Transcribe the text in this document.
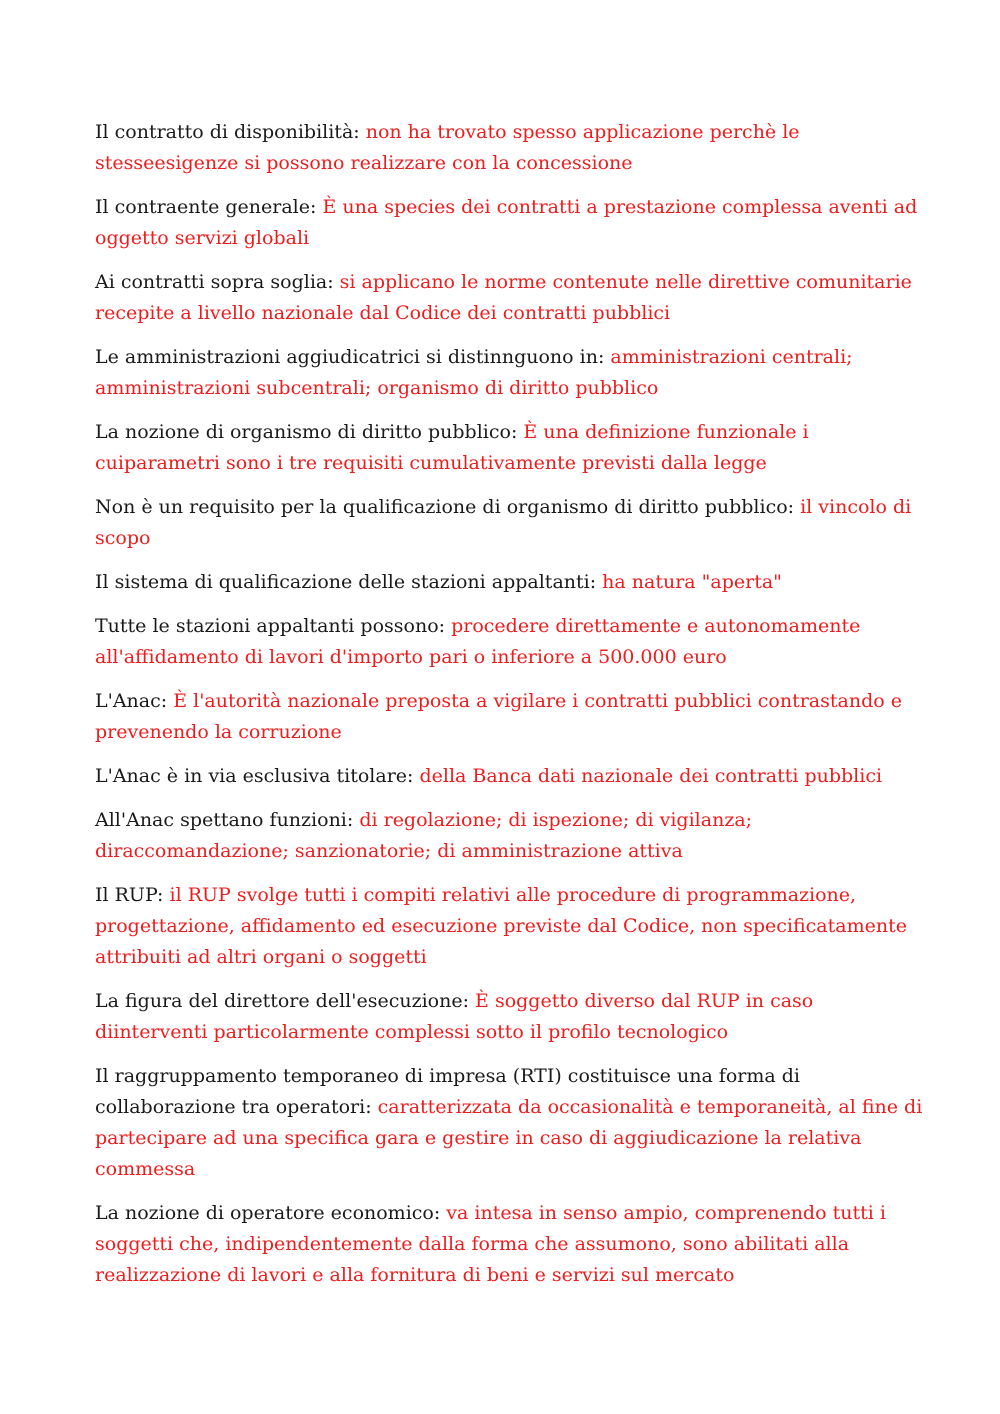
Il contratto di disponibilità: non ha trovato spesso applicazione perchè le stesseesigenze si possono realizzare con la concessione

Il contraente generale: È una species dei contratti a prestazione complessa aventi ad oggetto servizi globali

Ai contratti sopra soglia: si applicano le norme contenute nelle direttive comunitarie recepite a livello nazionale dal Codice dei contratti pubblici

Le amministrazioni aggiudicatrici si distinnguono in: amministrazioni centrali; amministrazioni subcentrali; organismo di diritto pubblico

La nozione di organismo di diritto pubblico: È una definizione funzionale i cuiparametri sono i tre requisiti cumulativamente previsti dalla legge

Non è un requisito per la qualificazione di organismo di diritto pubblico: il vincolo di scopo

Il sistema di qualificazione delle stazioni appaltanti: ha natura "aperta"

Tutte le stazioni appaltanti possono: procedere direttamente e autonomamente all'affidamento di lavori d'importo pari o inferiore a 500.000 euro

L'Anac: È l'autorità nazionale preposta a vigilare i contratti pubblici contrastando e prevenendo la corruzione

L'Anac è in via esclusiva titolare: della Banca dati nazionale dei contratti pubblici

All'Anac spettano funzioni: di regolazione; di ispezione; di vigilanza; diraccomandazione; sanzionatorie; di amministrazione attiva

Il RUP: il RUP svolge tutti i compiti relativi alle procedure di programmazione, progettazione, affidamento ed esecuzione previste dal Codice, non specificatamente attribuiti ad altri organi o soggetti

La figura del direttore dell'esecuzione: È soggetto diverso dal RUP in caso diinterventi particolarmente complessi sotto il profilo tecnologico

Il raggruppamento temporaneo di impresa (RTI) costituisce una forma di collaborazione tra operatori: caratterizzata da occasionalità e temporaneità, al fine di partecipare ad una specifica gara e gestire in caso di aggiudicazione la relativa commessa

La nozione di operatore economico: va intesa in senso ampio, comprenendo tutti i soggetti che, indipendentemente dalla forma che assumono, sono abilitati alla realizzazione di lavori e alla fornitura di beni e servizi sul mercato
